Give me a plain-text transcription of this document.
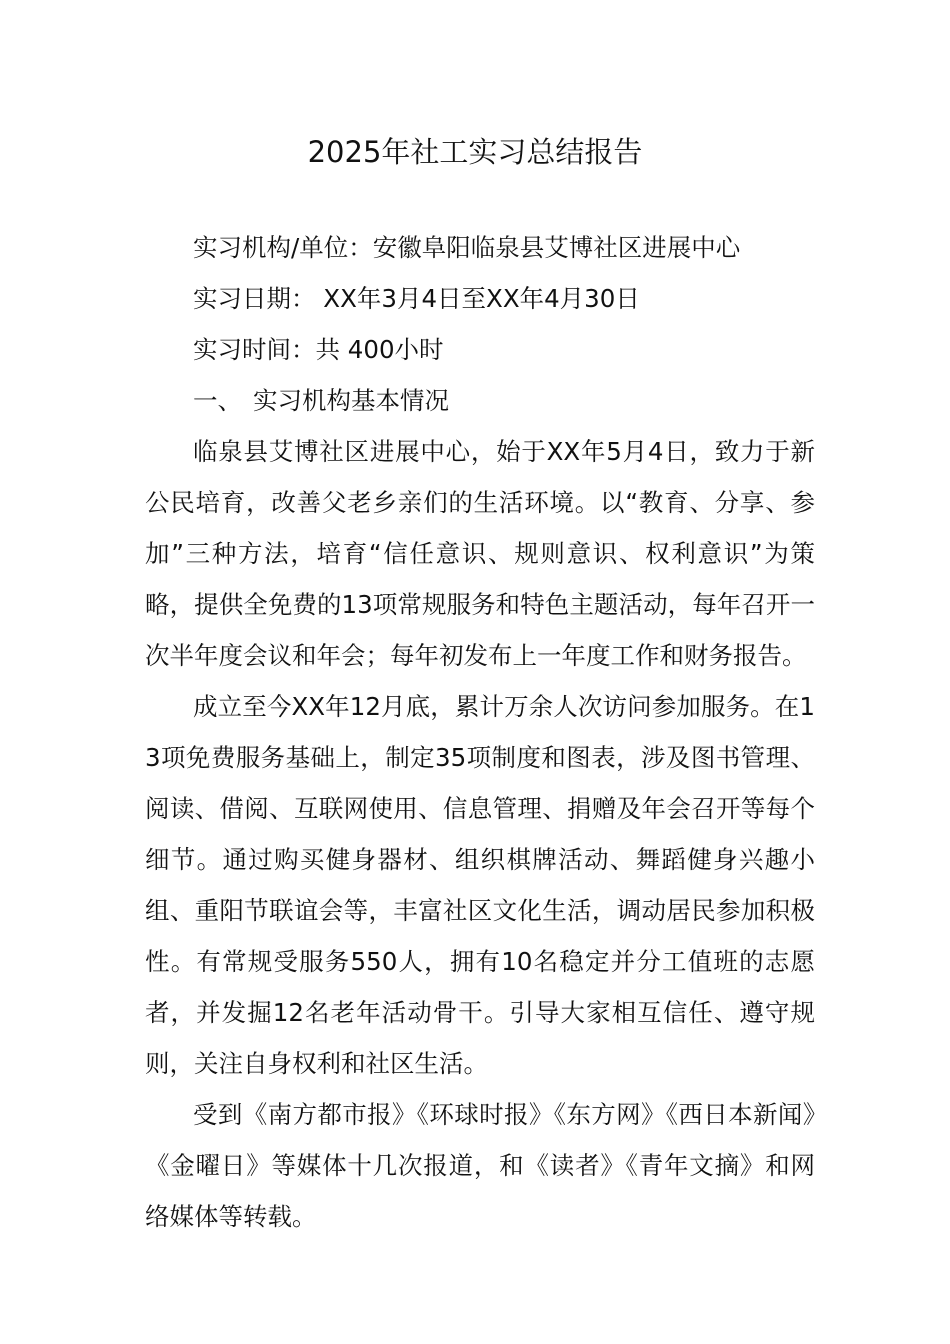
2025年社工实习总结报告

实习机构/单位：安徽阜阳临泉县艾博社区进展中心

实习日期： XX年3月4日至XX年4月30日

实习时间：共 400小时

一、 实习机构基本情况

临泉县艾博社区进展中心，始于XX年5月4日，致力于新公民培育，改善父老乡亲们的生活环境。以“教育、分享、参加”三种方法，培育“信任意识、规则意识、权利意识”为策略，提供全免费的13项常规服务和特色主题活动，每年召开一次半年度会议和年会；每年初发布上一年度工作和财务报告。

成立至今XX年12月底，累计万余人次访问参加服务。在13项免费服务基础上，制定35项制度和图表，涉及图书管理、阅读、借阅、互联网使用、信息管理、捐赠及年会召开等每个细节。通过购买健身器材、组织棋牌活动、舞蹈健身兴趣小组、重阳节联谊会等，丰富社区文化生活，调动居民参加积极性。有常规受服务550人，拥有10名稳定并分工值班的志愿者，并发掘12名老年活动骨干。引导大家相互信任、遵守规则，关注自身权利和社区生活。

受到《南方都市报》《环球时报》《东方网》《西日本新闻》《金曜日》等媒体十几次报道，和《读者》《青年文摘》和网络媒体等转载。
